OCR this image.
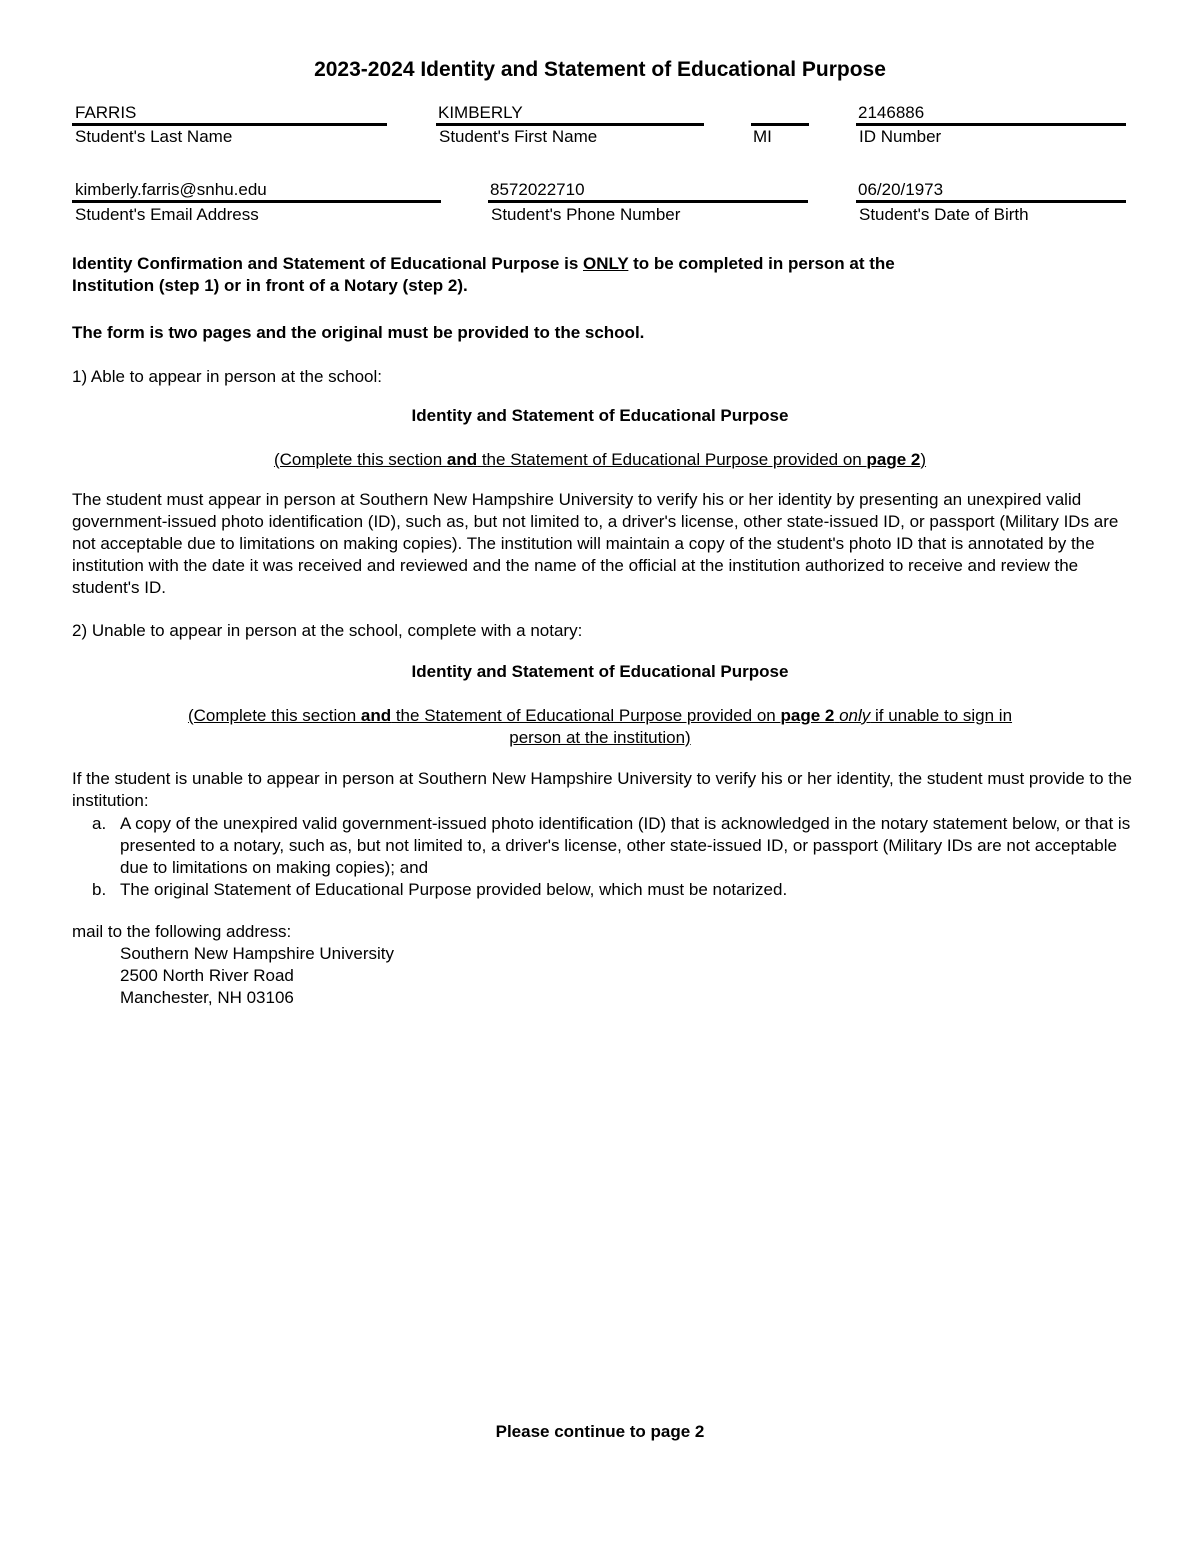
2023-2024 Identity and Statement of Educational Purpose
FARRIS
Student's Last Name
KIMBERLY
Student's First Name	MI
2146886
ID Number
kimberly.farris@snhu.edu
Student's Email Address
8572022710
Student's Phone Number
06/20/1973
Student's Date of Birth
Identity Confirmation and Statement of Educational Purpose is ONLY to be completed in person at the
Institution (step 1) or in front of a Notary (step 2).
The form is two pages and the original must be provided to the school.
1) Able to appear in person at the school:
Identity and Statement of Educational Purpose
(Complete this section and the Statement of Educational Purpose provided on page 2)
The student must appear in person at Southern New Hampshire University to verify his or her identity by presenting an unexpired valid government-issued photo identification (ID), such as, but not limited to, a driver's license, other state-issued ID, or passport (Military IDs are not acceptable due to limitations on making copies). The institution will maintain a copy of the student's photo ID that is annotated by the institution with the date it was received and reviewed and the name of the official at the institution authorized to receive and review the student's ID.
2) Unable to appear in person at the school, complete with a notary:
Identity and Statement of Educational Purpose
(Complete this section and the Statement of Educational Purpose provided on page 2 only if unable to sign in
person at the institution)
If the student is unable to appear in person at Southern New Hampshire University to verify his or her identity, the student must provide to the institution:
a. A copy of the unexpired valid government-issued photo identification (ID) that is acknowledged in the notary statement below, or that is presented to a notary, such as, but not limited to, a driver's license, other state-issued ID, or passport (Military IDs are not acceptable due to limitations on making copies); and
b. The original Statement of Educational Purpose provided below, which must be notarized.
mail to the following address:
Southern New Hampshire University
2500 North River Road
Manchester, NH 03106
Please continue to page 2
